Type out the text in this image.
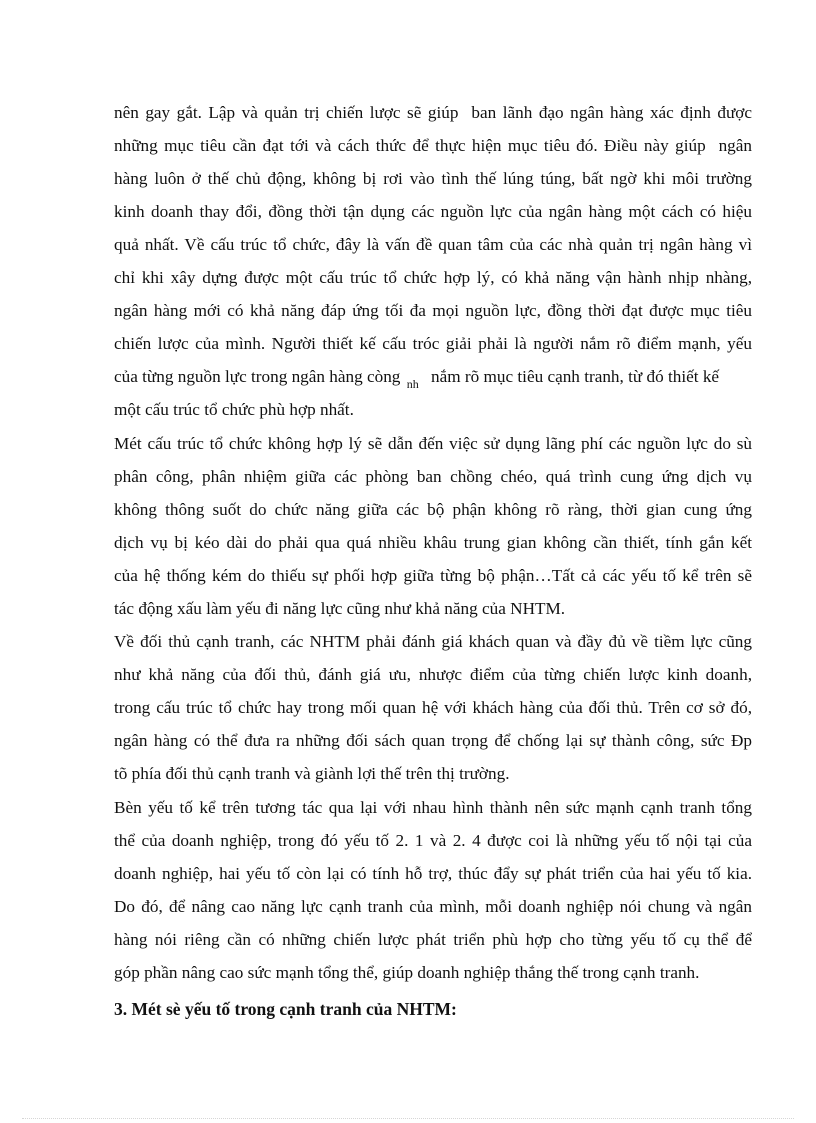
nên gay gắt. Lập và quản trị chiến lược sẽ giúp  ban lãnh đạo ngân hàng xác định được

những mục tiêu cần đạt tới và cách thức để thực hiện mục tiêu đó. Điều này giúp  ngân

hàng luôn ở thế chủ động, không bị rơi vào tình thế lúng túng, bất ngờ khi môi trường

kinh doanh thay đổi, đồng thời tận dụng các nguồn lực của ngân hàng một cách có hiệu

quả nhất. Về cấu trúc tổ chức, đây là vấn đề quan tâm của các nhà quản trị ngân hàng vì

chỉ khi xây dựng được một cấu trúc tổ chức hợp lý, có khả năng vận hành nhịp nhàng,

ngân hàng mới có khả năng đáp ứng tối đa mọi nguồn lực, đồng thời đạt được mục tiêu

chiến lược của mình. Người thiết kế cấu tróc giải phải là người nắm rõ điểm mạnh, yếu

của từng nguồn lực trong ngân hàng còng $_{nh}$ nắm rõ mục tiêu cạnh tranh, từ đó thiết kế

một cấu trúc tổ chức phù hợp nhất.

Mét cấu trúc tổ chức không hợp lý sẽ dẫn đến việc sử dụng lãng phí các nguồn lực do sù

phân công, phân nhiệm giữa các phòng ban chồng chéo, quá trình cung ứng dịch vụ

không thông suốt do chức năng giữa các bộ phận không rõ ràng, thời gian cung ứng

dịch vụ bị kéo dài do phải qua quá nhiều khâu trung gian không cần thiết, tính gắn kết

của hệ thống kém do thiếu sự phối hợp giữa từng bộ phận…Tất cả các yếu tố kể trên sẽ

tác động xấu làm yếu đi năng lực cũng như khả năng của NHTM.

Về đối thủ cạnh tranh, các NHTM phải đánh giá khách quan và đầy đủ về tiềm lực cũng

như khả năng của đối thủ, đánh giá ưu, nhược điểm của từng chiến lược kinh doanh,

trong cấu trúc tổ chức hay trong mối quan hệ với khách hàng của đối thủ. Trên cơ sở đó,

ngân hàng có thể đưa ra những đối sách quan trọng để chống lại sự thành công, sức Ðp

tõ phía đối thủ cạnh tranh và giành lợi thế trên thị trường.

Bèn yếu tố kể trên tương tác qua lại với nhau hình thành nên sức mạnh cạnh tranh tổng

thể của doanh nghiệp, trong đó yếu tố 2. 1 và 2. 4 được coi là những yếu tố nội tại của

doanh nghiệp, hai yếu tố còn lại có tính hỗ trợ, thúc đẩy sự phát triển của hai yếu tố kia.

Do đó, để nâng cao năng lực cạnh tranh của mình, mỗi doanh nghiệp nói chung và ngân

hàng nói riêng cần có những chiến lược phát triển phù hợp cho từng yếu tố cụ thể để

góp phần nâng cao sức mạnh tổng thể, giúp doanh nghiệp thắng thế trong cạnh tranh.

3. Mét sè yếu tố trong cạnh tranh của NHTM:
